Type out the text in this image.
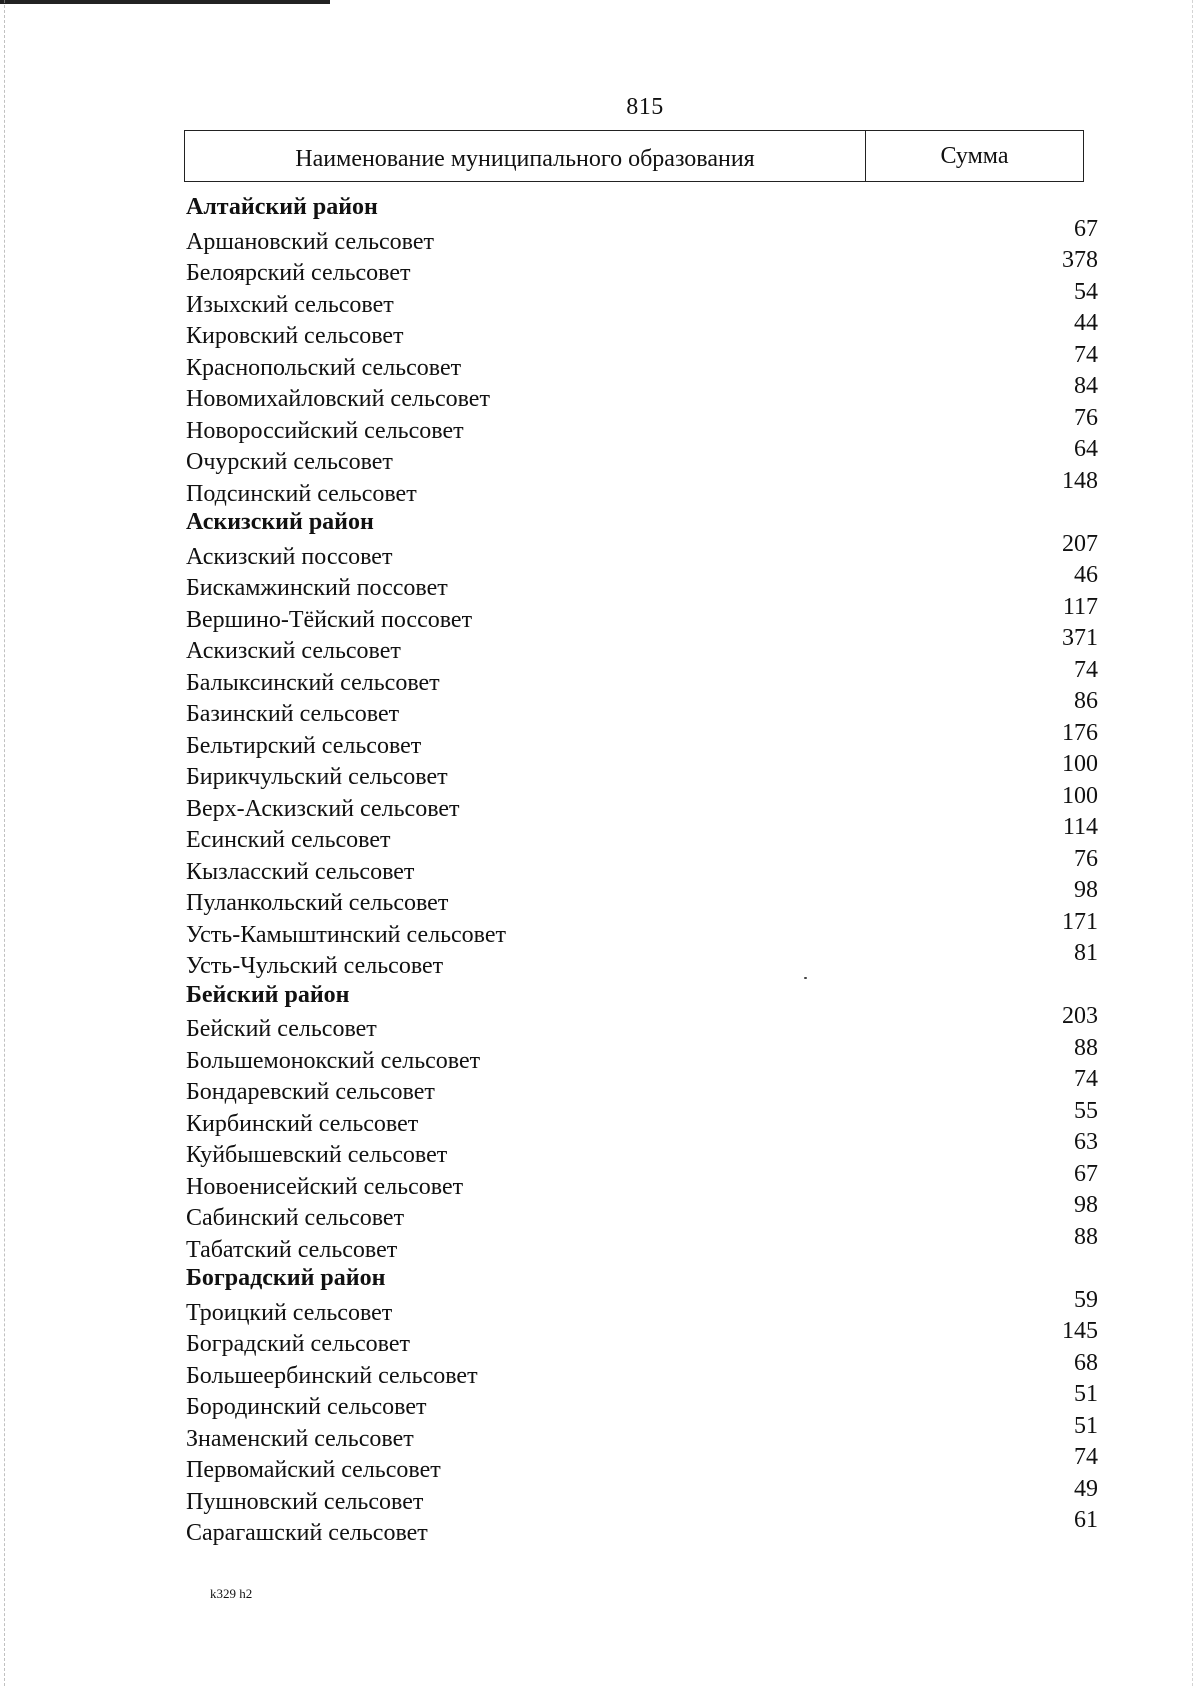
815
Наименование муниципального образования	Сумма
Алтайский район
Аршановский сельсовет	67
Белоярский сельсовет	378
Изыхский сельсовет	54
Кировский сельсовет	44
Краснопольский сельсовет	74
Новомихайловский сельсовет	84
Новороссийский сельсовет	76
Очурский сельсовет	64
Подсинский сельсовет	148
Аскизский район
Аскизский поссовет	207
Бискамжинский поссовет	46
Вершино-Тёйский поссовет	117
Аскизский сельсовет	371
Балыксинский сельсовет	74
Базинский сельсовет	86
Бельтирский сельсовет	176
Бирикчульский сельсовет	100
Верх-Аскизский сельсовет	100
Есинский сельсовет	114
Кызласский сельсовет	76
Пуланкольский сельсовет	98
Усть-Камыштинский сельсовет	171
Усть-Чульский сельсовет	81
Бейский район
Бейский сельсовет	203
Большемонокский сельсовет	88
Бондаревский сельсовет	74
Кирбинский сельсовет	55
Куйбышевский сельсовет	63
Новоенисейский сельсовет	67
Сабинский сельсовет	98
Табатский сельсовет	88
Боградский район
Троицкий сельсовет	59
Боградский сельсовет	145
Большеербинский сельсовет	68
Бородинский сельсовет	51
Знаменский сельсовет	51
Первомайский сельсовет	74
Пушновский сельсовет	49
Сарагашский сельсовет	61
k329 h2
